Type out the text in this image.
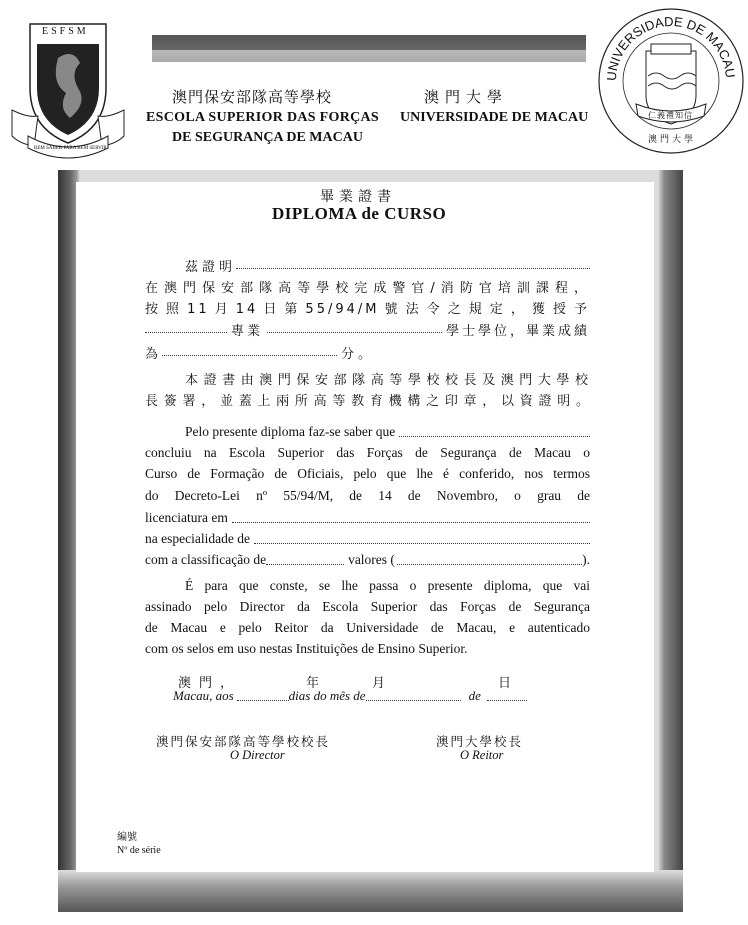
ESFSM
BEM SABER PARA BEM SERVIR
澳門保安部隊高等學校
ESCOLA SUPERIOR DAS FORÇAS
DE SEGURANÇA DE MACAU
澳門大學
UNIVERSIDADE DE MACAU
UNIVERSIDADE DE MACAU
仁義禮知信
澳門大學
畢業證書
DIPLOMA de CURSO
茲證明
在澳門保安部隊高等學校完成警官/消防官培訓課程，
按照11月14日第55/94/M號法令之規定，獲授予
專業	學士學位，畢業成績
為	分。
本證書由澳門保安部隊高等學校校長及澳門大學校
長簽署，並蓋上兩所高等教育機構之印章，以資證明。
Pelo presente diploma faz-se saber que
concluiu na Escola Superior das Forças de Segurança de Macau o
Curso de Formação de Oficiais, pelo que lhe é conferido, nos termos
do Decreto-Lei nº 55/94/M, de 14 de Novembro, o grau de
licenciatura em
na especialidade de
com a classificação de	valores (	).
É para que conste, se lhe passa o presente diploma, que vai
assinado pelo Director da Escola Superior das Forças de Segurança
de Macau e pelo Reitor da Universidade de Macau, e autenticado
com os selos em uso nestas Instituições de Ensino Superior.
澳門，	年	月	日
Macau, aos	dias do mês de	de
澳門保安部隊高等學校校長
O Director
澳門大學校長
O Reitor
編號
Nº de série
